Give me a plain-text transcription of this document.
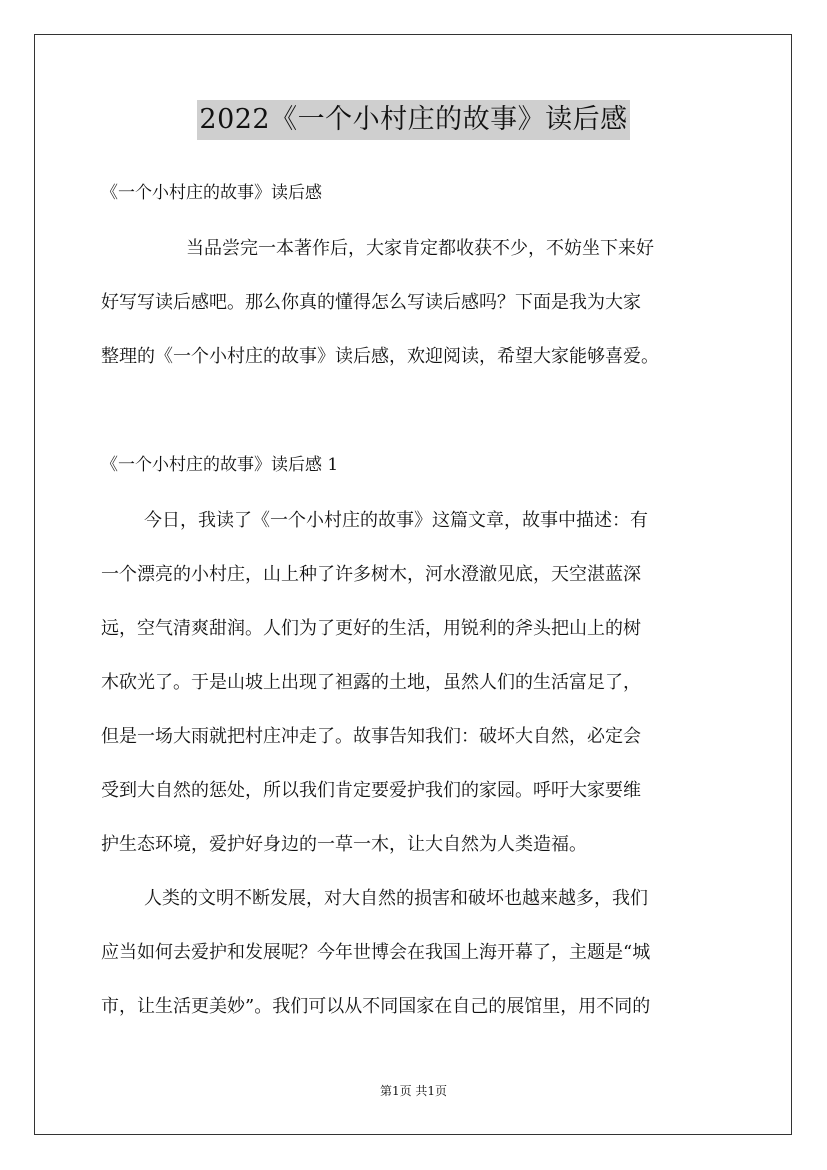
2022《一个小村庄的故事》读后感
《一个小村庄的故事》读后感
当品尝完一本著作后，大家肯定都收获不少，不妨坐下来好
好写写读后感吧。那么你真的懂得怎么写读后感吗？下面是我为大家
整理的《一个小村庄的故事》读后感，欢迎阅读，希望大家能够喜爱。
《一个小村庄的故事》读后感 1
今日，我读了《一个小村庄的故事》这篇文章，故事中描述：有
一个漂亮的小村庄，山上种了许多树木，河水澄澈见底，天空湛蓝深
远，空气清爽甜润。人们为了更好的生活，用锐利的斧头把山上的树
木砍光了。于是山坡上出现了袒露的土地，虽然人们的生活富足了，
但是一场大雨就把村庄冲走了。故事告知我们：破坏大自然，必定会
受到大自然的惩处，所以我们肯定要爱护我们的家园。呼吁大家要维
护生态环境，爱护好身边的一草一木，让大自然为人类造福。
人类的文明不断发展，对大自然的损害和破坏也越来越多，我们
应当如何去爱护和发展呢？今年世博会在我国上海开幕了，主题是“城
市，让生活更美妙”。我们可以从不同国家在自己的展馆里，用不同的
第1页 共1页
